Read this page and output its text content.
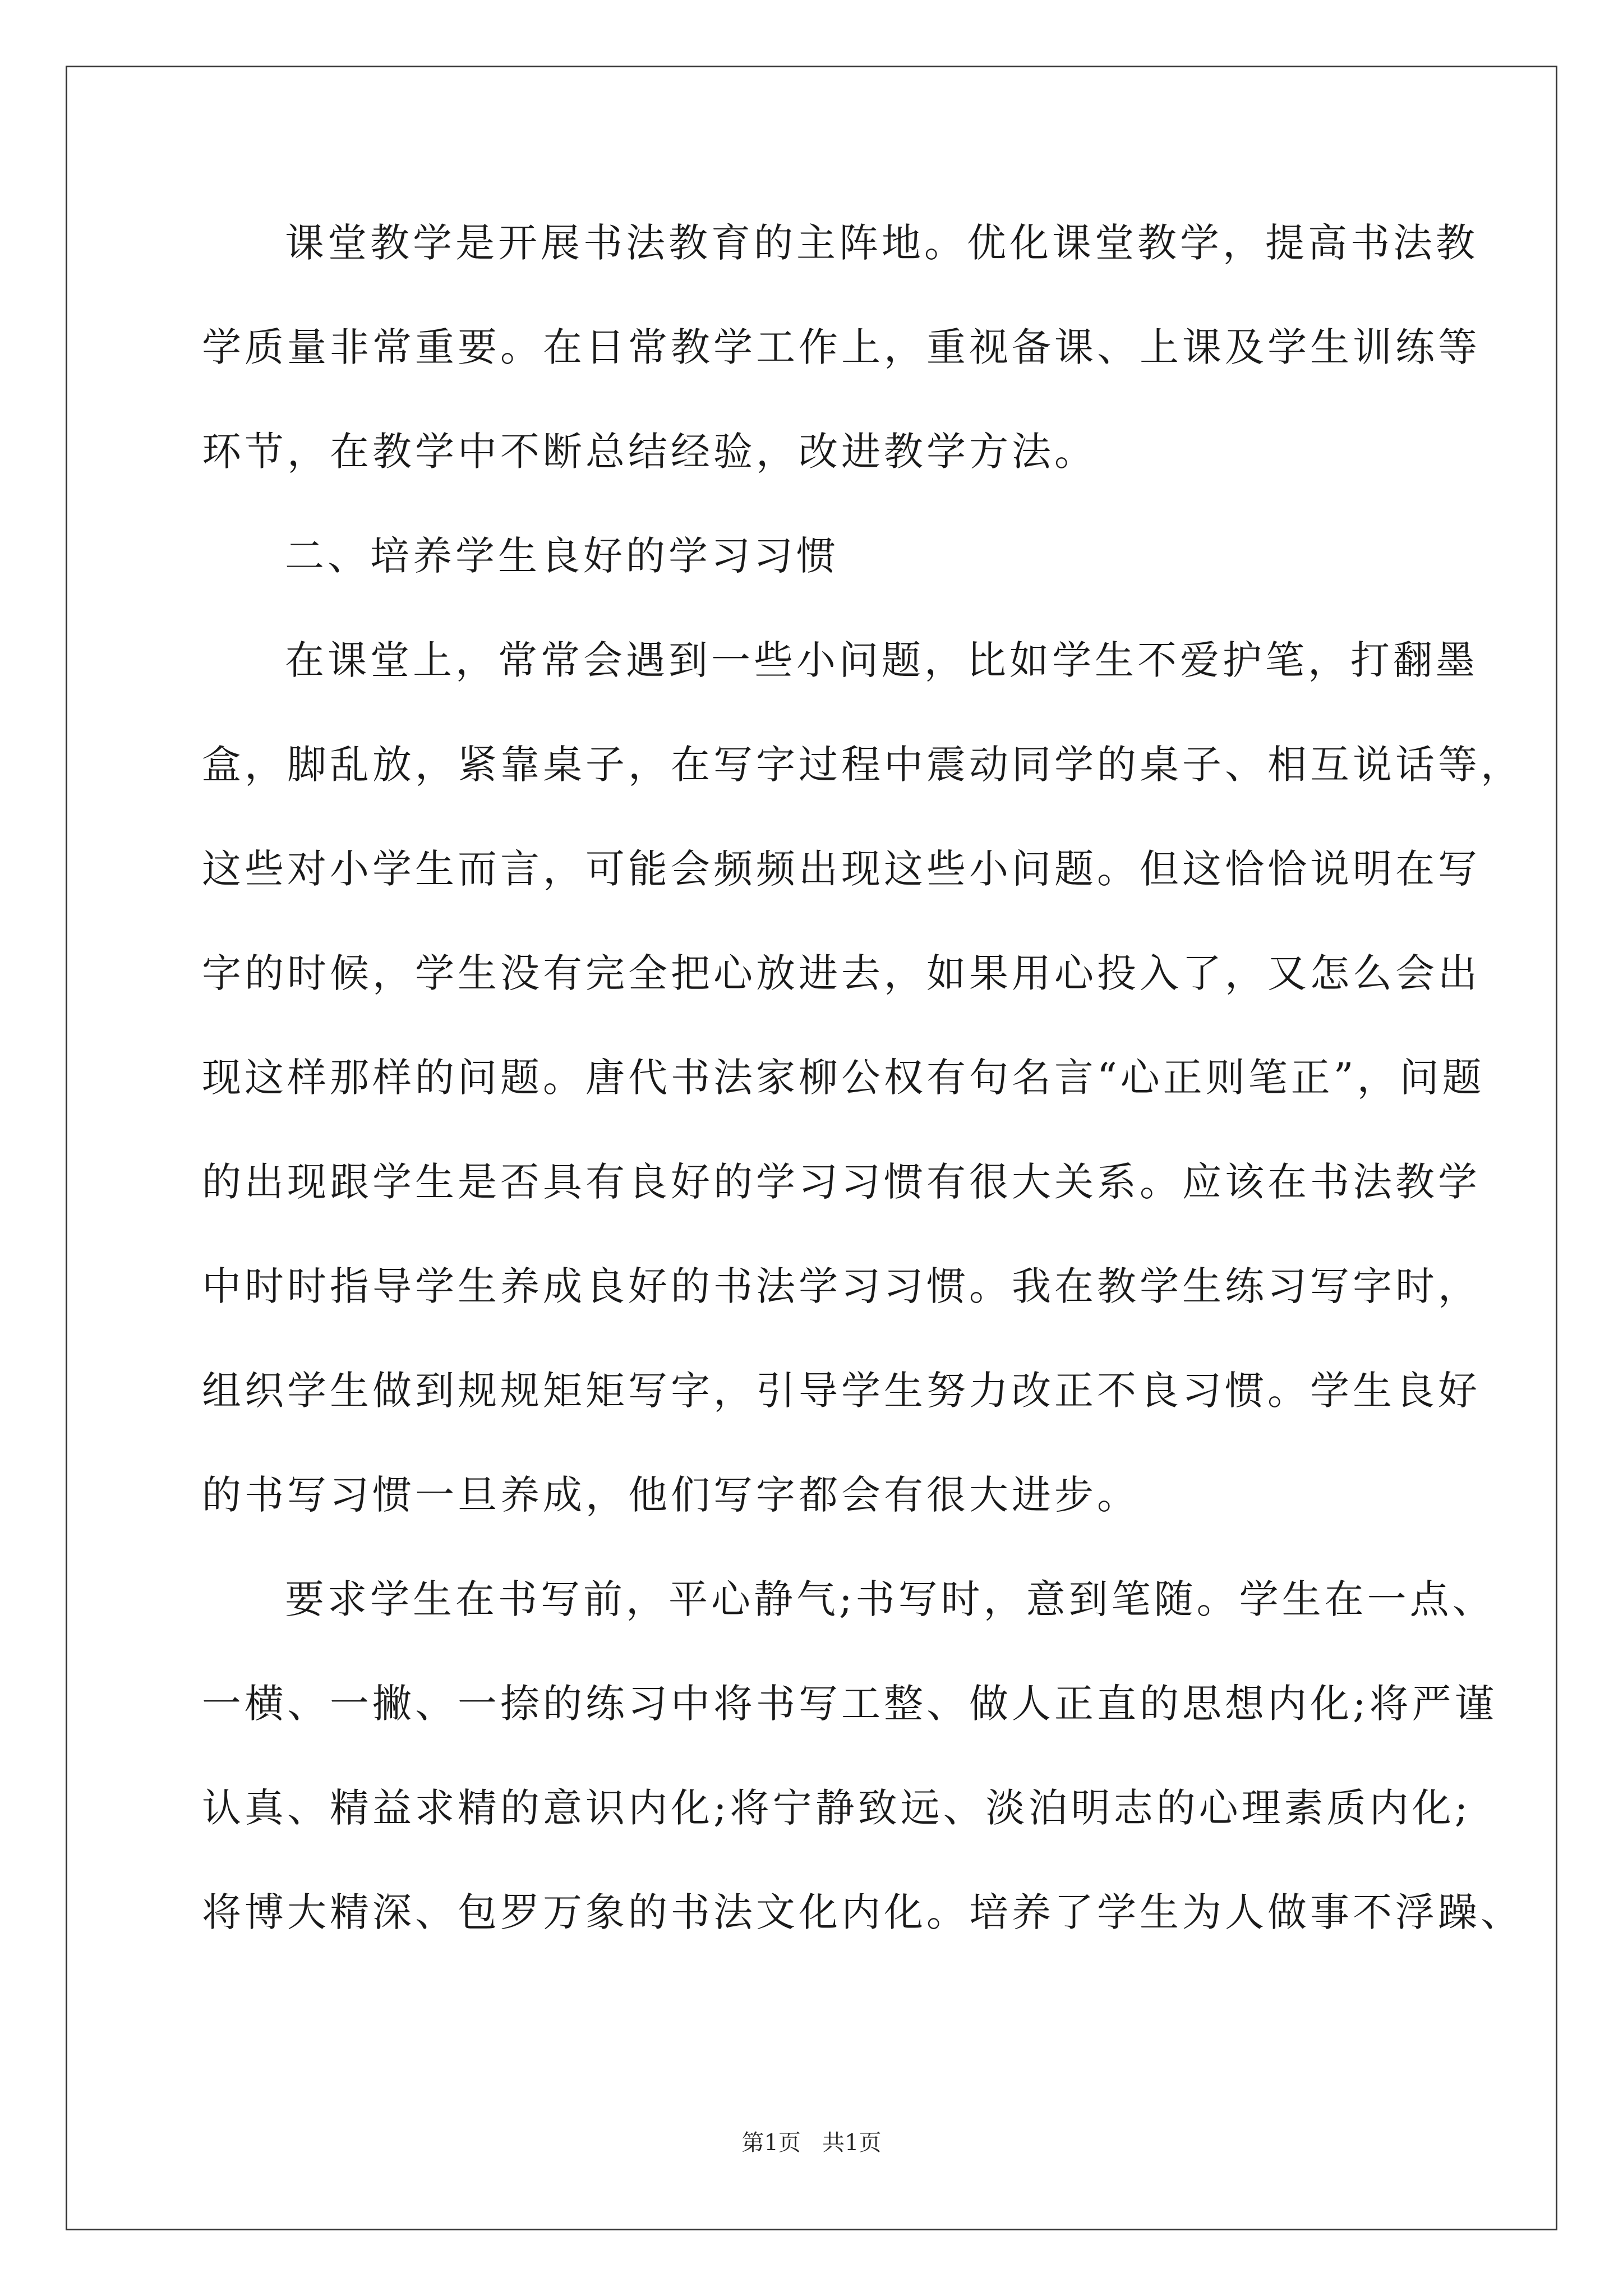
课堂教学是开展书法教育的主阵地。优化课堂教学，提高书法教
学质量非常重要。在日常教学工作上，重视备课、上课及学生训练等
环节，在教学中不断总结经验，改进教学方法。
二、培养学生良好的学习习惯
在课堂上，常常会遇到一些小问题，比如学生不爱护笔，打翻墨
盒，脚乱放，紧靠桌子，在写字过程中震动同学的桌子、相互说话等，
这些对小学生而言，可能会频频出现这些小问题。但这恰恰说明在写
字的时候，学生没有完全把心放进去，如果用心投入了，又怎么会出
现这样那样的问题。唐代书法家柳公权有句名言“心正则笔正”，问题
的出现跟学生是否具有良好的学习习惯有很大关系。应该在书法教学
中时时指导学生养成良好的书法学习习惯。我在教学生练习写字时，
组织学生做到规规矩矩写字，引导学生努力改正不良习惯。学生良好
的书写习惯一旦养成，他们写字都会有很大进步。
要求学生在书写前，平心静气;书写时，意到笔随。学生在一点、
一横、一撇、一捺的练习中将书写工整、做人正直的思想内化;将严谨
认真、精益求精的意识内化;将宁静致远、淡泊明志的心理素质内化;
将博大精深、包罗万象的书法文化内化。培养了学生为人做事不浮躁、
第1页   共1页
